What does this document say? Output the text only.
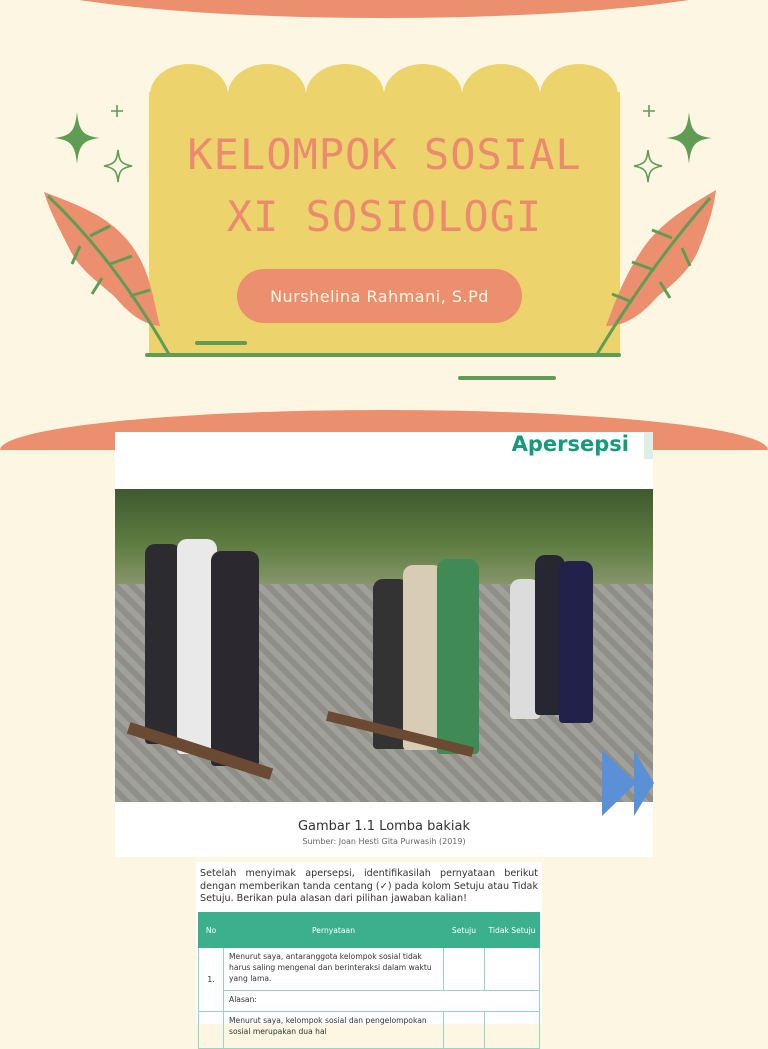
KELOMPOK SOSIAL
XI SOSIOLOGI
Nurshelina Rahmani, S.Pd
Apersepsi
Gambar 1.1 Lomba bakiak
Sumber: Joan Hesti Gita Purwasih (2019)
Setelah menyimak apersepsi, identifikasilah pernyataan berikut dengan memberikan tanda centang (✓) pada kolom Setuju atau Tidak Setuju. Berikan pula alasan dari pilihan jawaban kalian!
No	Pernyataan	Setuju	Tidak Setuju
1.	Menurut saya, antaranggota kelompok sosial tidak harus saling mengenal dan berinteraksi dalam waktu yang lama.		
	Alasan:		
	Menurut saya, kelompok sosial dan pengelompokan sosial merupakan dua hal		
